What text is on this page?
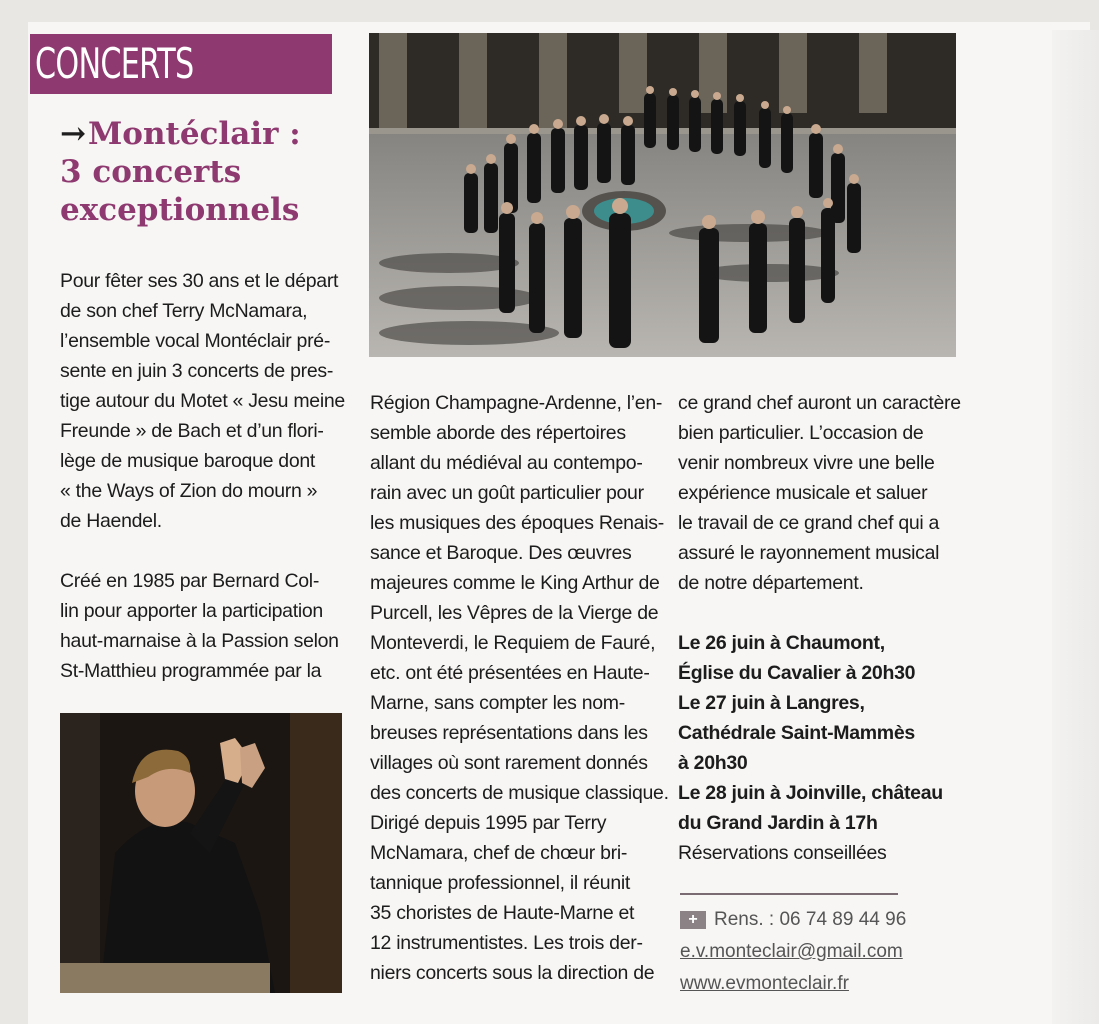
CONCERTS
→Montéclair :
3 concerts
exceptionnels
Pour fêter ses 30 ans et le départ
de son chef Terry McNamara,
l’ensemble vocal Montéclair pré-
sente en juin 3 concerts de pres-
tige autour du Motet « Jesu meine
Freunde » de Bach et d’un flori-
lège de musique baroque dont
« the Ways of Zion do mourn »
de Haendel.
Créé en 1985 par Bernard Col-
lin pour apporter la participation
haut-marnaise à la Passion selon
St-Matthieu programmée par la
Région Champagne-Ardenne, l’en-
semble aborde des répertoires
allant du médiéval au contempo-
rain avec un goût particulier pour
les musiques des époques Renais-
sance et Baroque. Des œuvres
majeures comme le King Arthur de
Purcell, les Vêpres de la Vierge de
Monteverdi, le Requiem de Fauré,
etc. ont été présentées en Haute-
Marne, sans compter les nom-
breuses représentations dans les
villages où sont rarement donnés
des concerts de musique classique.
Dirigé depuis 1995 par Terry
McNamara, chef de chœur bri-
tannique professionnel, il réunit
35 choristes de Haute-Marne et
12 instrumentistes. Les trois der-
niers concerts sous la direction de
ce grand chef auront un caractère
bien particulier. L’occasion de
venir nombreux vivre une belle
expérience musicale et saluer
le travail de ce grand chef qui a
assuré le rayonnement musical
de notre département.
Le 26 juin à Chaumont,
Église du Cavalier à 20h30
Le 27 juin à Langres,
Cathédrale Saint-Mammès
à 20h30
Le 28 juin à Joinville, château
du Grand Jardin à 17h
Réservations conseillées
+ Rens. : 06 74 89 44 96
e.v.monteclair@gmail.com
www.evmonteclair.fr
